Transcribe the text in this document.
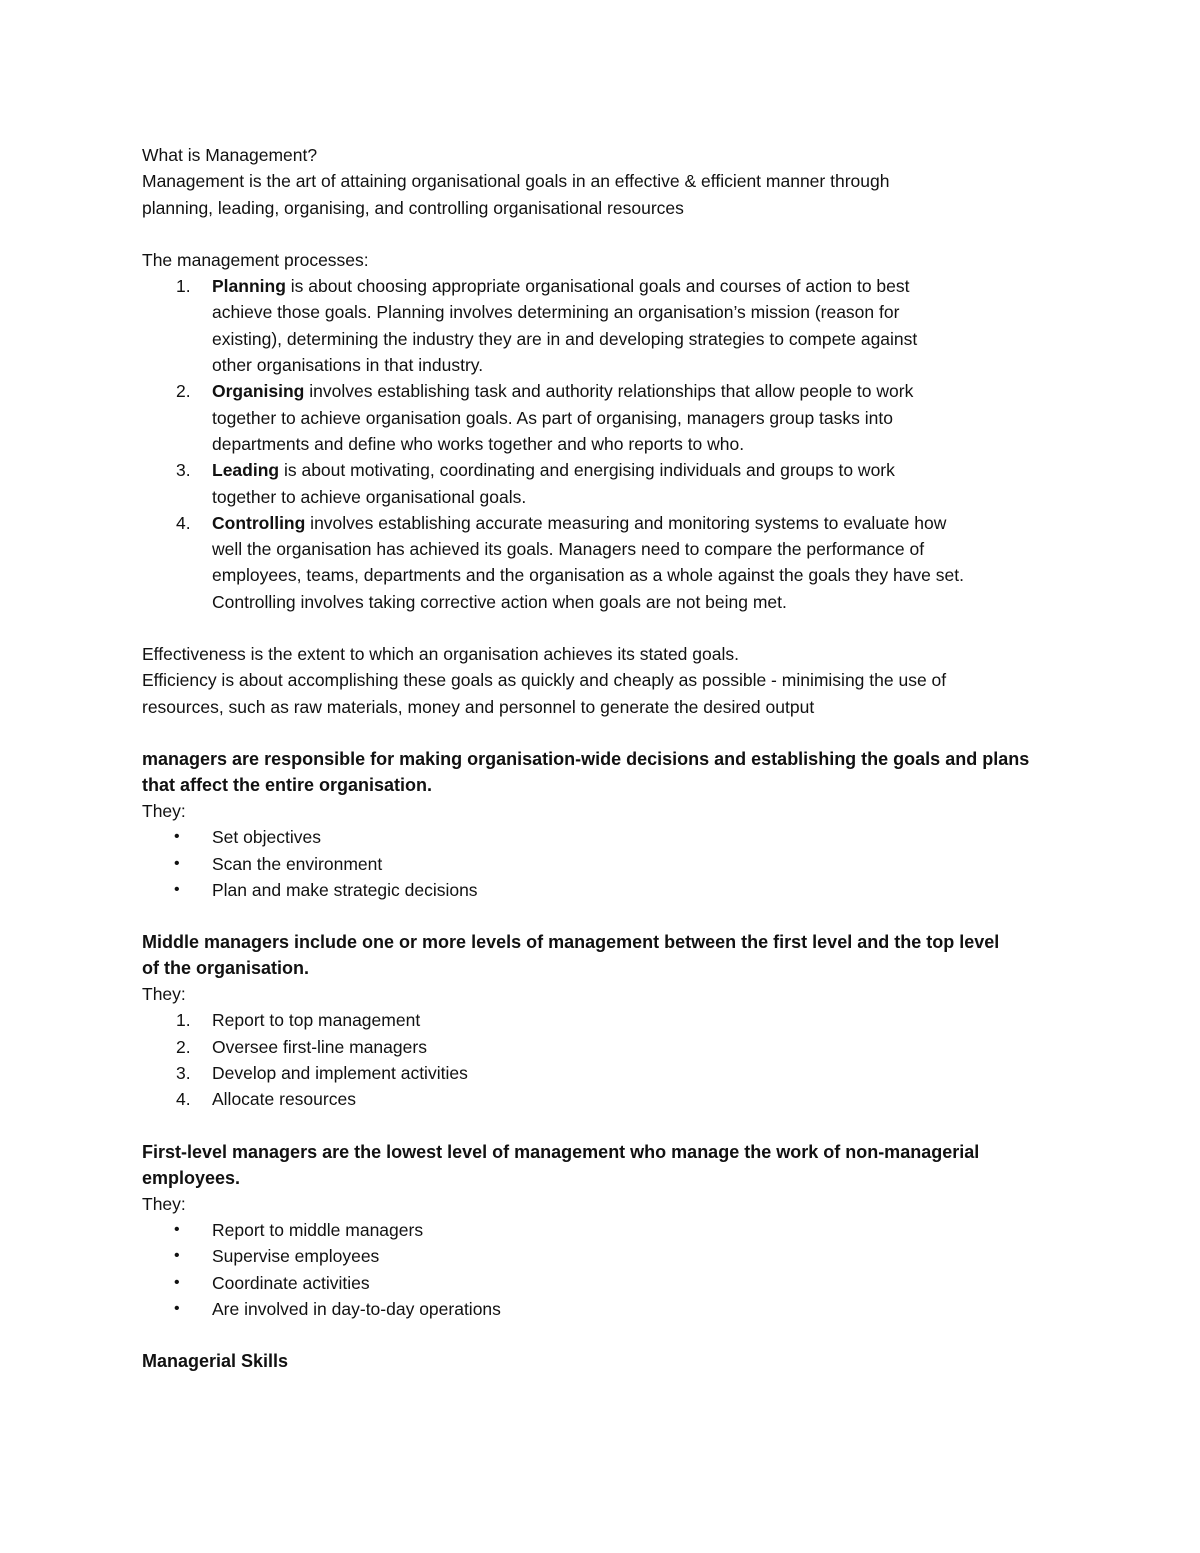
What is Management?
Management is the art of attaining organisational goals in an effective & efficient manner through
planning, leading, organising, and controlling organisational resources
The management processes:
1. Planning is about choosing appropriate organisational goals and courses of action to best
achieve those goals. Planning involves determining an organisation’s mission (reason for
existing), determining the industry they are in and developing strategies to compete against
other organisations in that industry.
2. Organising involves establishing task and authority relationships that allow people to work
together to achieve organisation goals. As part of organising, managers group tasks into
departments and define who works together and who reports to who.
3. Leading is about motivating, coordinating and energising individuals and groups to work
together to achieve organisational goals.
4. Controlling involves establishing accurate measuring and monitoring systems to evaluate how
well the organisation has achieved its goals. Managers need to compare the performance of
employees, teams, departments and the organisation as a whole against the goals they have set.
Controlling involves taking corrective action when goals are not being met.
Effectiveness is the extent to which an organisation achieves its stated goals.
Efficiency is about accomplishing these goals as quickly and cheaply as possible - minimising the use of
resources, such as raw materials, money and personnel to generate the desired output
managers are responsible for making organisation-wide decisions and establishing the goals and plans
that affect the entire organisation.
They:
• Set objectives
• Scan the environment
• Plan and make strategic decisions
Middle managers include one or more levels of management between the first level and the top level
of the organisation.
They:
1. Report to top management
2. Oversee first-line managers
3. Develop and implement activities
4. Allocate resources
First-level managers are the lowest level of management who manage the work of non-managerial
employees.
They:
• Report to middle managers
• Supervise employees
• Coordinate activities
• Are involved in day-to-day operations
Managerial Skills
